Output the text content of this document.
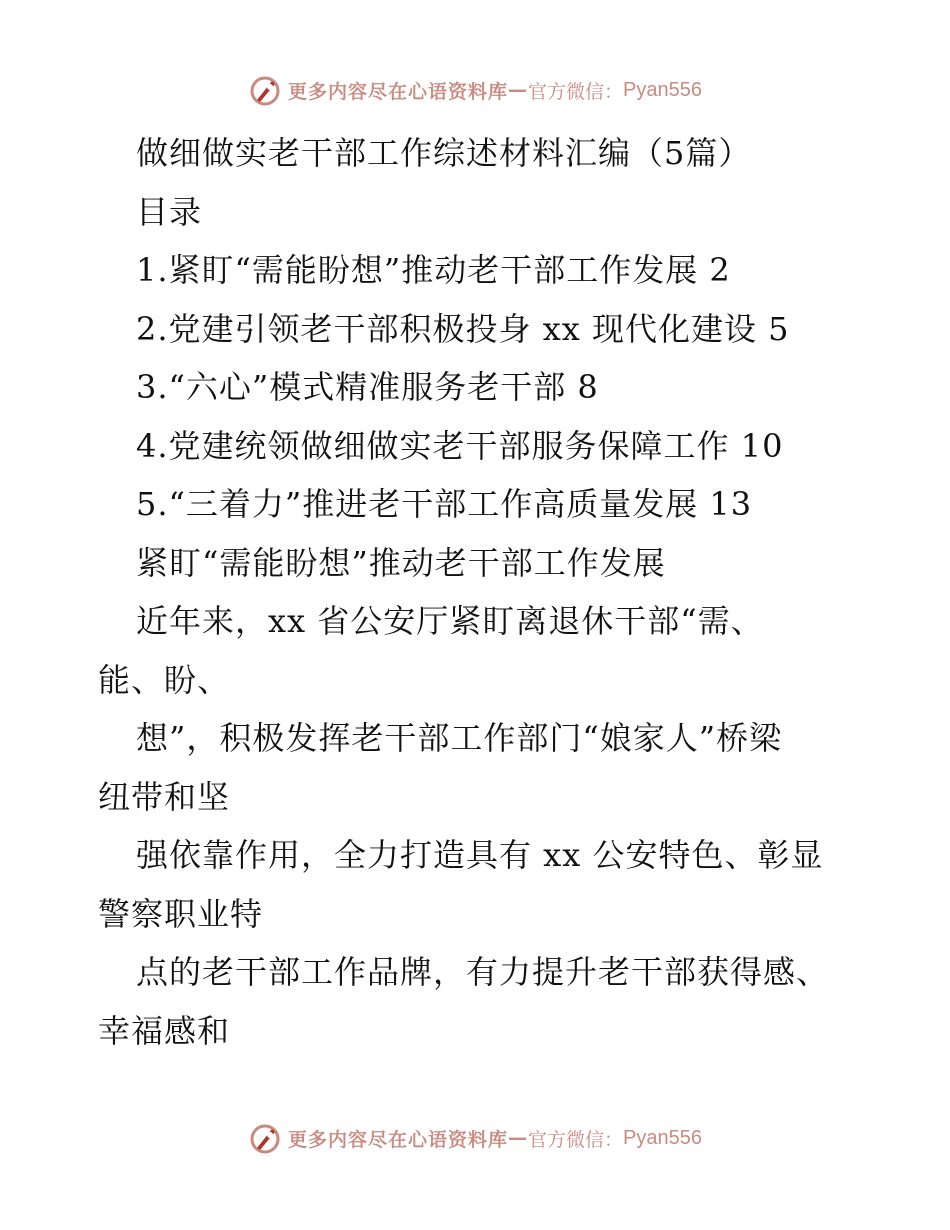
更多内容尽在心语资料库 — 官方微信： Pyan556
做细做实老干部工作综述材料汇编（5篇）
目录
1.紧盯“需能盼想”推动老干部工作发展 2
2.党建引领老干部积极投身 xx 现代化建设 5
3.“六心”模式精准服务老干部 8
4.党建统领做细做实老干部服务保障工作 10
5.“三着力”推进老干部工作高质量发展 13
紧盯“需能盼想”推动老干部工作发展
近年来，xx 省公安厅紧盯离退休干部“需、
能、盼、
想”，积极发挥老干部工作部门“娘家人”桥梁
纽带和坚
强依靠作用，全力打造具有 xx 公安特色、彰显
警察职业特
点的老干部工作品牌，有力提升老干部获得感、
幸福感和
更多内容尽在心语资料库 — 官方微信： Pyan556
